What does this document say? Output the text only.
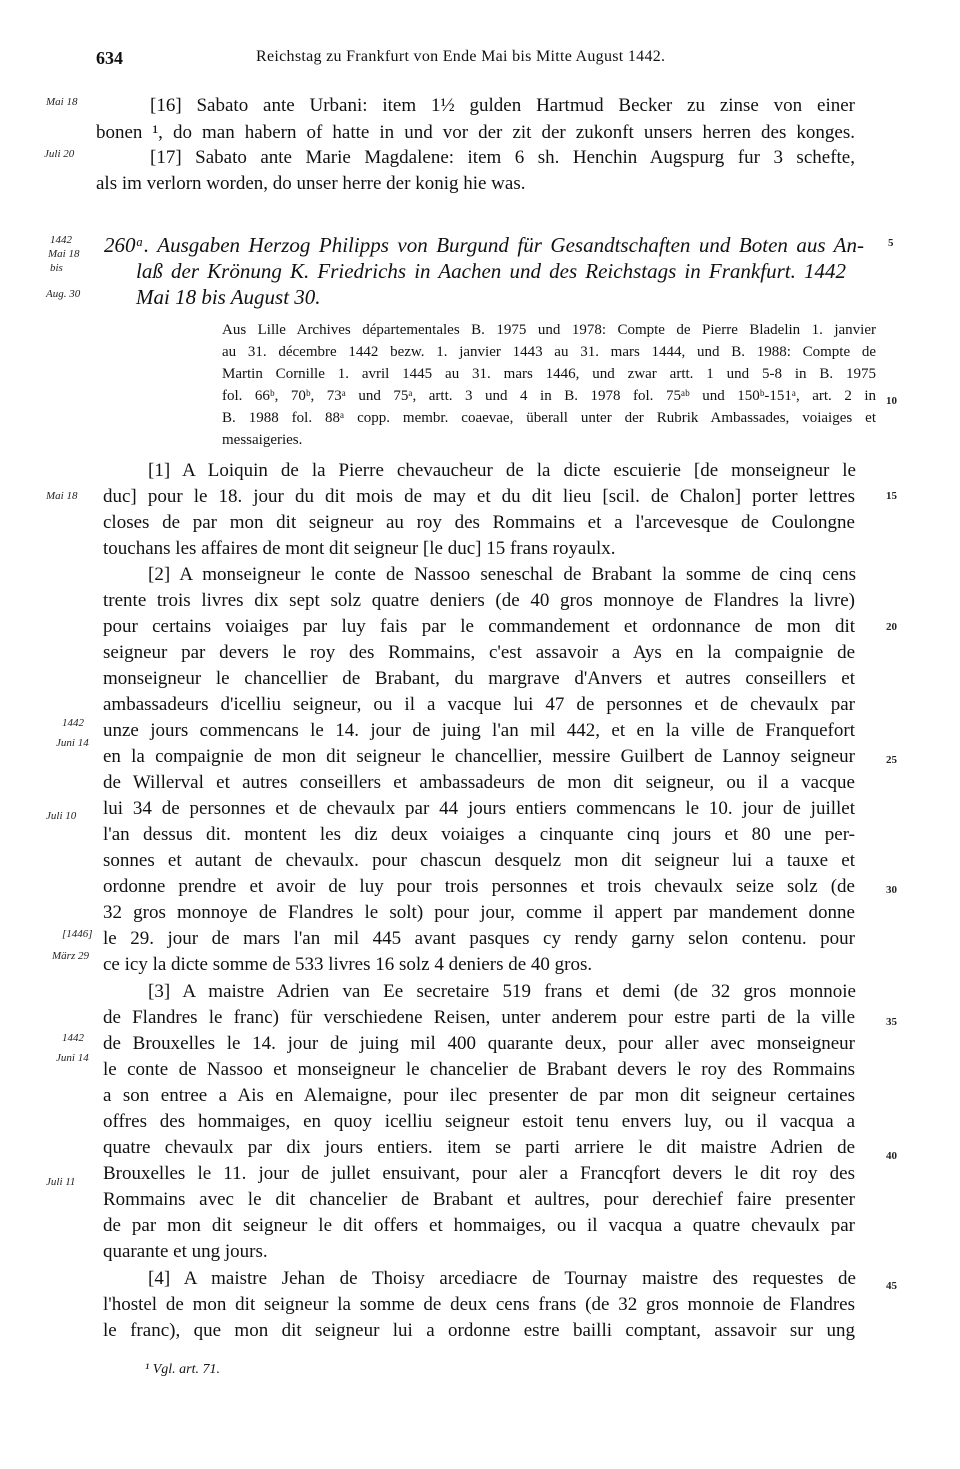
634	Reichstag zu Frankfurt von Ende Mai bis Mitte August 1442.
Mai 18
Juli 20
1442
Mai 18
bis
Aug. 30
Mai 18
1442
Juni 14
Juli 10
[1446]
März 29
1442
Juni 14
Juli 11
5
10
15
20
25
30
35
40
45
[16] Sabato ante Urbani: item 1½ gulden Hartmud Becker zu zinse von einer
bonen ¹, do man habern of hatte in und vor der zit der zukonft unsers herren des konges.
[17] Sabato ante Marie Magdalene: item 6 sh. Henchin Augspurg fur 3 schefte,
als im verlorn worden, do unser herre der konig hie was.
260ᵃ. Ausgaben Herzog Philipps von Burgund für Gesandtschaften und Boten aus An-
laß der Krönung K. Friedrichs in Aachen und des Reichstags in Frankfurt. 1442
Mai 18 bis August 30.
Aus Lille Archives départementales B. 1975 und 1978: Compte de Pierre Bladelin 1. janvier
au 31. décembre 1442 bezw. 1. janvier 1443 au 31. mars 1444, und B. 1988: Compte de
Martin Cornille 1. avril 1445 au 31. mars 1446, und zwar artt. 1 und 5-8 in B. 1975
fol. 66ᵇ, 70ᵇ, 73ᵃ und 75ᵃ, artt. 3 und 4 in B. 1978 fol. 75ᵃᵇ und 150ᵇ-151ᵃ, art. 2 in
B. 1988 fol. 88ᵃ copp. membr. coaevae, überall unter der Rubrik Ambassades, voiaiges et
messaigeries.
[1] A Loiquin de la Pierre chevaucheur de la dicte escuierie [de monseigneur le
duc] pour le 18. jour du dit mois de may et du dit lieu [scil. de Chalon] porter lettres
closes de par mon dit seigneur au roy des Rommains et a l'arcevesque de Coulongne
touchans les affaires de mont dit seigneur [le duc] 15 frans royaulx.
[2] A monseigneur le conte de Nassoo seneschal de Brabant la somme de cinq cens
trente trois livres dix sept solz quatre deniers (de 40 gros monnoye de Flandres la livre)
pour certains voiaiges par luy fais par le commandement et ordonnance de mon dit
seigneur par devers le roy des Rommains, c'est assavoir a Ays en la compaignie de
monseigneur le chancellier de Brabant, du margrave d'Anvers et autres conseillers et
ambassadeurs d'icelliu seigneur, ou il a vacque lui 47 de personnes et de chevaulx par
unze jours commencans le 14. jour de juing l'an mil 442, et en la ville de Franquefort
en la compaignie de mon dit seigneur le chancellier, messire Guilbert de Lannoy seigneur
de Willerval et autres conseillers et ambassadeurs de mon dit seigneur, ou il a vacque
lui 34 de personnes et de chevaulx par 44 jours entiers commencans le 10. jour de juillet
l'an dessus dit. montent les diz deux voiaiges a cinquante cinq jours et 80 une per-
sonnes et autant de chevaulx. pour chascun desquelz mon dit seigneur lui a tauxe et
ordonne prendre et avoir de luy pour trois personnes et trois chevaulx seize solz (de
32 gros monnoye de Flandres le solt) pour jour, comme il appert par mandement donne
le 29. jour de mars l'an mil 445 avant pasques cy rendy garny selon contenu. pour
ce icy la dicte somme de 533 livres 16 solz 4 deniers de 40 gros.
[3] A maistre Adrien van Ee secretaire 519 frans et demi (de 32 gros monnoie
de Flandres le franc) für verschiedene Reisen, unter anderem pour estre parti de la ville
de Brouxelles le 14. jour de juing mil 400 quarante deux, pour aller avec monseigneur
le conte de Nassoo et monseigneur le chancelier de Brabant devers le roy des Rommains
a son entree a Ais en Alemaigne, pour ilec presenter de par mon dit seigneur certaines
offres des hommaiges, en quoy icelliu seigneur estoit tenu envers luy, ou il vacqua a
quatre chevaulx par dix jours entiers. item se parti arriere le dit maistre Adrien de
Brouxelles le 11. jour de jullet ensuivant, pour aler a Francqfort devers le dit roy des
Rommains avec le dit chancelier de Brabant et aultres, pour derechief faire presenter
de par mon dit seigneur le dit offers et hommaiges, ou il vacqua a quatre chevaulx par
quarante et ung jours.
[4] A maistre Jehan de Thoisy arcediacre de Tournay maistre des requestes de
l'hostel de mon dit seigneur la somme de deux cens frans (de 32 gros monnoie de Flandres
le franc), que mon dit seigneur lui a ordonne estre bailli comptant, assavoir sur ung
¹ Vgl. art. 71.
